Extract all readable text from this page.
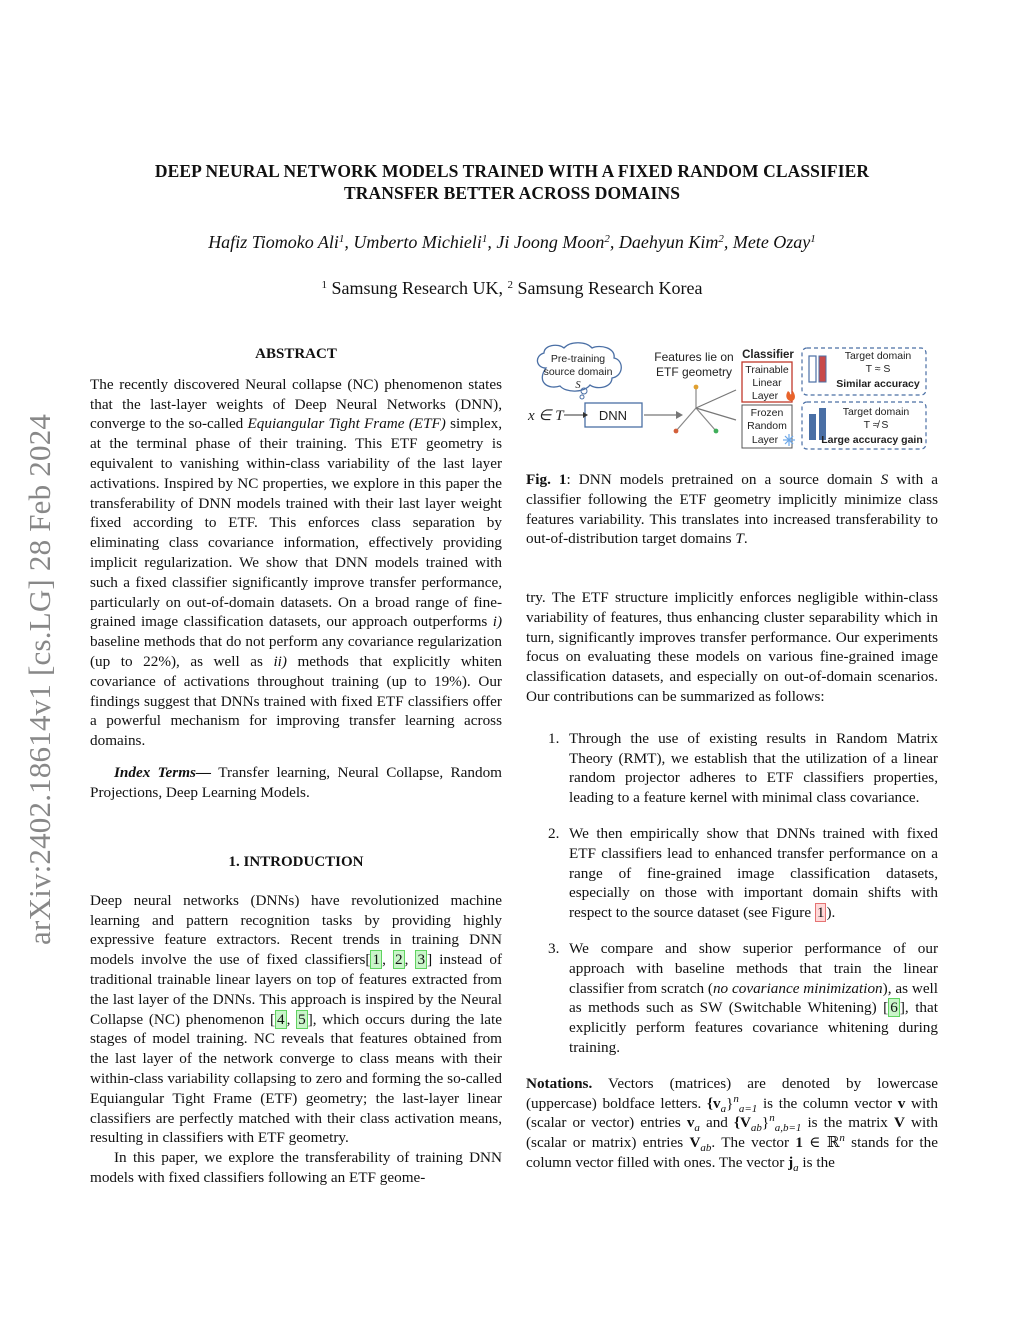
arXiv:2402.18614v1 [cs.LG] 28 Feb 2024
DEEP NEURAL NETWORK MODELS TRAINED WITH A FIXED RANDOM CLASSIFIER
TRANSFER BETTER ACROSS DOMAINS
Hafiz Tiomoko Ali$^1$, Umberto Michieli$^1$, Ji Joong Moon$^2$, Daehyun Kim$^2$, Mete Ozay$^1$
$^1$ Samsung Research UK, $^2$ Samsung Research Korea
ABSTRACT

The recently discovered Neural collapse (NC) phenomenon states that the last-layer weights of Deep Neural Networks (DNN), converge to the so-called Equiangular Tight Frame (ETF) simplex, at the terminal phase of their training. This ETF geometry is equivalent to vanishing within-class variability of the last layer activations. Inspired by NC properties, we explore in this paper the transferability of DNN models trained with their last layer weight fixed according to ETF. This enforces class separation by eliminating class covariance information, effectively providing implicit regularization. We show that DNN models trained with such a fixed classifier significantly improve transfer performance, particularly on out-of-domain datasets. On a broad range of fine-grained image classification datasets, our approach outperforms i) baseline methods that do not perform any covariance regularization (up to 22%), as well as ii) methods that explicitly whiten covariance of activations throughout training (up to 19%). Our findings suggest that DNNs trained with fixed ETF classifiers offer a powerful mechanism for improving transfer learning across domains.

Index Terms— Transfer learning, Neural Collapse, Random Projections, Deep Learning Models.

1. INTRODUCTION

Deep neural networks (DNNs) have revolutionized machine learning and pattern recognition tasks by providing highly expressive feature extractors. Recent trends in training DNN models involve the use of fixed classifiers[ 1 , 2 , 3 ] instead of traditional trainable linear layers on top of features extracted from the last layer of the DNNs. This approach is inspired by the Neural Collapse (NC) phenomenon [ 4 , 5 ], which occurs during the late stages of model training. NC reveals that features obtained from the last layer of the network converge to class means with their within-class variability collapsing to zero and forming the so-called Equiangular Tight Frame (ETF) geometry; the last-layer linear classifiers are perfectly matched with their class activation means, resulting in classifiers with ETF geometry.

In this paper, we explore the transferability of training DNN models with fixed classifiers following an ETF geome-

Pre-training
source domain
S
Features lie on
ETF geometry
DNN
Classifier
Trainable
Linear
Layer
Frozen
Random
Layer
Target domain
T ≈ S
Similar accuracy
Target domain
T ≉ S
Large accuracy gain
x ∈ T
Fig. 1: DNN models pretrained on a source domain S with a classifier following the ETF geometry implicitly minimize class features variability. This translates into increased transferability to out-of-distribution target domains T.

try. The ETF structure implicitly enforces negligible within-class variability of features, thus enhancing cluster separability which in turn, significantly improves transfer performance. Our experiments focus on evaluating these models on various fine-grained image classification datasets, and especially on out-of-domain scenarios. Our contributions can be summarized as follows:

1. Through the use of existing results in Random Matrix Theory (RMT), we establish that the utilization of a linear random projector adheres to ETF classifiers properties, leading to a feature kernel with minimal class covariance.

2. We then empirically show that DNNs trained with fixed ETF classifiers lead to enhanced transfer performance on a range of fine-grained image classification datasets, especially on those with important domain shifts with respect to the source dataset (see Figure 1 ).

3. We compare and show superior performance of our approach with baseline methods that train the linear classifier from scratch (no covariance minimization), as well as methods such as SW (Switchable Whitening) [ 6 ], that explicitly perform features covariance whitening during training.

Notations. Vectors (matrices) are denoted by lowercase (uppercase) boldface letters. $\{v_a\}^n_{a=1}$ is the column vector v with (scalar or vector) entries $v_a$ and $\{V_{ab}\}^n_{a,b=1}$ is the matrix V with (scalar or matrix) entries $V_{ab}$. The vector 1 ∈ ℝ$^n$ stands for the column vector filled with ones. The vector $j_a$ is the
